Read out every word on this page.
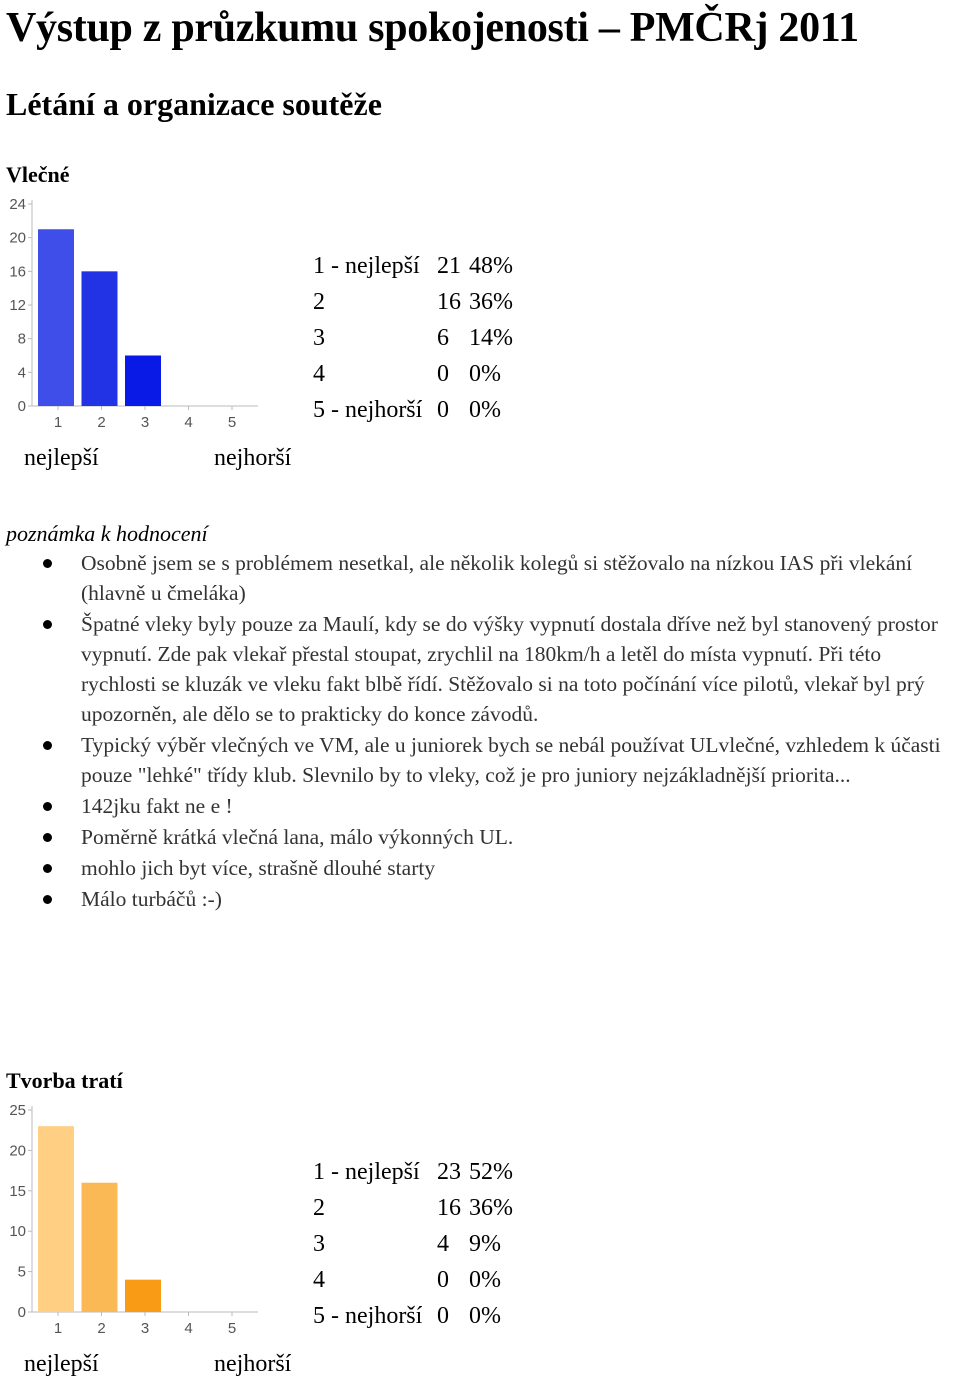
Výstup z průzkumu spokojenosti – PMČRj 2011
Létání a organizace soutěže
Vlečné
0
4
8
12
16
20
24
1 2 3 4 5
1 - nejlepší	21	48%
2	16	36%
3	6	14%
4	0	0%
5 - nejhorší	0	0%
nejlepší	nejhorší
poznámka k hodnocení
Osobně jsem se s problémem nesetkal, ale několik kolegů si stěžovalo na nízkou IAS při vlekání (hlavně u čmeláka)
Špatné vleky byly pouze za Maulí, kdy se do výšky vypnutí dostala dříve než byl stanovený prostor vypnutí. Zde pak vlekař přestal stoupat, zrychlil na 180km/h a letěl do místa vypnutí. Při této rychlosti se kluzák ve vleku fakt blbě řídí. Stěžovalo si na toto počínání více pilotů, vlekař byl prý upozorněn, ale dělo se to prakticky do konce závodů.
Typický výběr vlečných ve VM, ale u juniorek bych se nebál používat ULvlečné, vzhledem k účasti pouze "lehké" třídy klub. Slevnilo by to vleky, což je pro juniory nejzákladnější priorita...
142jku fakt ne e !
Poměrně krátká vlečná lana, málo výkonných UL.
mohlo jich byt více, strašně dlouhé starty
Málo turbáčů :-)
Tvorba tratí
0
5
10
15
20
25
1 2 3 4 5
1 - nejlepší	23	52%
2	16	36%
3	4	9%
4	0	0%
5 - nejhorší	0	0%
nejlepší	nejhorší
